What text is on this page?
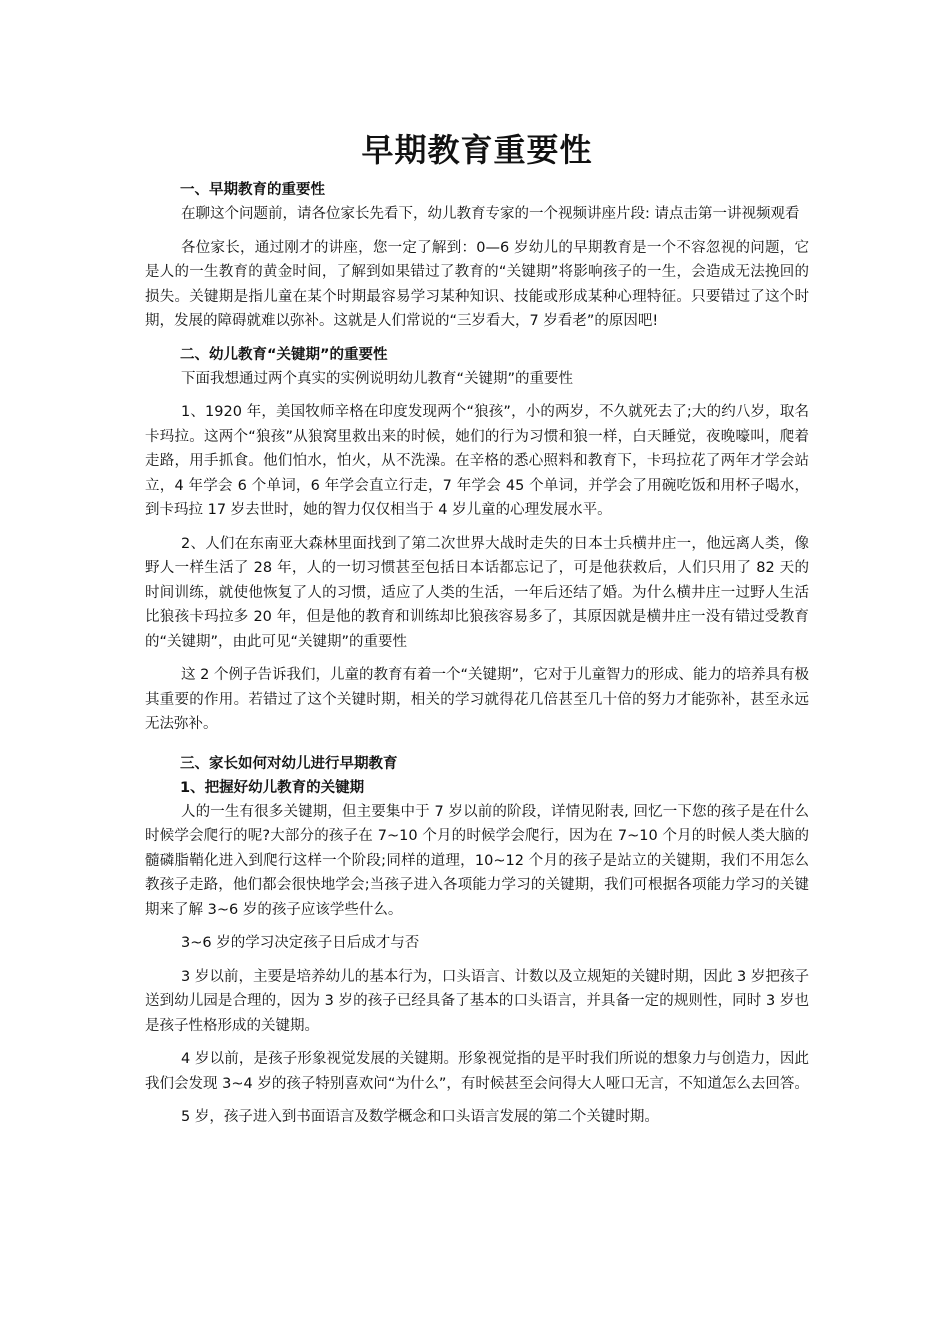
早期教育重要性
一、早期教育的重要性

在聊这个问题前，请各位家长先看下，幼儿教育专家的一个视频讲座片段: 请点击第一讲视频观看

各位家长，通过刚才的讲座，您一定了解到：0—6 岁幼儿的早期教育是一个不容忽视的问题，它是人的一生教育的黄金时间，了解到如果错过了教育的“关键期”将影响孩子的一生，会造成无法挽回的损失。关键期是指儿童在某个时期最容易学习某种知识、技能或形成某种心理特征。只要错过了这个时期，发展的障碍就难以弥补。这就是人们常说的“三岁看大，7 岁看老”的原因吧!

二、幼儿教育“关键期”的重要性

下面我想通过两个真实的实例说明幼儿教育“关键期”的重要性

1、1920 年，美国牧师辛格在印度发现两个“狼孩”，小的两岁，不久就死去了;大的约八岁，取名卡玛拉。这两个“狼孩”从狼窝里救出来的时候，她们的行为习惯和狼一样，白天睡觉，夜晚嚎叫，爬着走路，用手抓食。他们怕水，怕火，从不洗澡。在辛格的悉心照料和教育下，卡玛拉花了两年才学会站立，4 年学会 6 个单词，6 年学会直立行走，7 年学会 45 个单词，并学会了用碗吃饭和用杯子喝水，到卡玛拉 17 岁去世时，她的智力仅仅相当于 4 岁儿童的心理发展水平。

2、人们在东南亚大森林里面找到了第二次世界大战时走失的日本士兵横井庄一，他远离人类，像野人一样生活了 28 年，人的一切习惯甚至包括日本话都忘记了，可是他获救后，人们只用了 82 天的时间训练，就使他恢复了人的习惯，适应了人类的生活，一年后还结了婚。为什么横井庄一过野人生活比狼孩卡玛拉多 20 年，但是他的教育和训练却比狼孩容易多了，其原因就是横井庄一没有错过受教育的“关键期”，由此可见“关键期”的重要性

这 2 个例子告诉我们，儿童的教育有着一个“关键期”，它对于儿童智力的形成、能力的培养具有极其重要的作用。若错过了这个关键时期，相关的学习就得花几倍甚至几十倍的努力才能弥补，甚至永远无法弥补。

三、家长如何对幼儿进行早期教育
1、把握好幼儿教育的关键期

人的一生有很多关键期，但主要集中于 7 岁以前的阶段，详情见附表, 回忆一下您的孩子是在什么时候学会爬行的呢?大部分的孩子在 7~10 个月的时候学会爬行，因为在 7~10 个月的时候人类大脑的髓磷脂鞘化进入到爬行这样一个阶段;同样的道理，10~12 个月的孩子是站立的关键期，我们不用怎么教孩子走路，他们都会很快地学会;当孩子进入各项能力学习的关键期，我们可根据各项能力学习的关键期来了解 3~6 岁的孩子应该学些什么。

3~6 岁的学习决定孩子日后成才与否

3 岁以前，主要是培养幼儿的基本行为，口头语言、计数以及立规矩的关键时期，因此 3 岁把孩子送到幼儿园是合理的，因为 3 岁的孩子已经具备了基本的口头语言，并具备一定的规则性，同时 3 岁也是孩子性格形成的关键期。

4 岁以前，是孩子形象视觉发展的关键期。形象视觉指的是平时我们所说的想象力与创造力，因此我们会发现 3~4 岁的孩子特别喜欢问“为什么”，有时候甚至会问得大人哑口无言，不知道怎么去回答。

5 岁，孩子进入到书面语言及数学概念和口头语言发展的第二个关键时期。
